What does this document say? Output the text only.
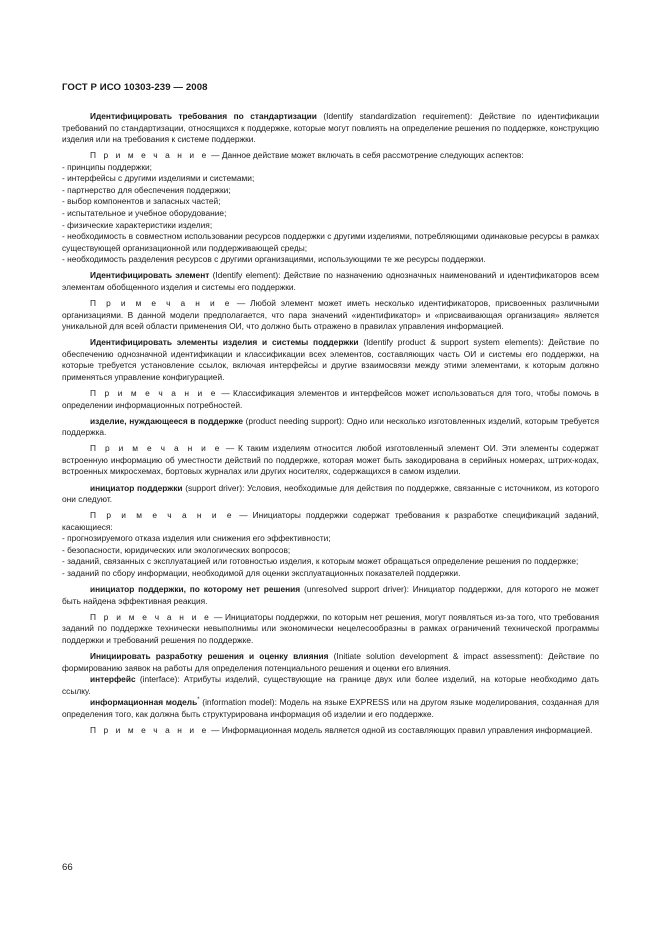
ГОСТ Р ИСО 10303-239 — 2008

Идентифицировать требования по стандартизации (Identify standardization requirement): Действие по идентификации требований по стандартизации, относящихся к поддержке, которые могут повлиять на определение решения по поддержке, конструкцию изделия или на требования к системе поддержки.

П р и м е ч а н и е — Данное действие может включать в себя рассмотрение следующих аспектов:

- принципы поддержки;

- интерфейсы с другими изделиями и системами;

- партнерство для обеспечения поддержки;

- выбор компонентов и запасных частей;

- испытательное и учебное оборудование;

- физические характеристики изделия;

- необходимость в совместном использовании ресурсов поддержки с другими изделиями, потребляющими одинаковые ресурсы в рамках существующей организационной или поддерживающей среды;

- необходимость разделения ресурсов с другими организациями, использующими те же ресурсы поддержки.

Идентифицировать элемент (Identify element): Действие по назначению однозначных наименований и идентификаторов всем элементам обобщенного изделия и системы его поддержки.

П р и м е ч а н и е — Любой элемент может иметь несколько идентификаторов, присвоенных различными организациями. В данной модели предполагается, что пара значений «идентификатор» и «присваивающая организация» является уникальной для всей области применения ОИ, что должно быть отражено в правилах управления информацией.

Идентифицировать элементы изделия и системы поддержки (Identify product & support system elements): Действие по обеспечению однозначной идентификации и классификации всех элементов, составляющих часть ОИ и системы его поддержки, на которые требуется установление ссылок, включая интерфейсы и другие взаимосвязи между этими элементами, к которым должно применяться управление конфигурацией.

П р и м е ч а н и е — Классификация элементов и интерфейсов может использоваться для того, чтобы помочь в определении информационных потребностей.

изделие, нуждающееся в поддержке (product needing support): Одно или несколько изготовленных изделий, которым требуется поддержка.

П р и м е ч а н и е — К таким изделиям относится любой изготовленный элемент ОИ. Эти элементы содержат встроенную информацию об уместности действий по поддержке, которая может быть закодирована в серийных номерах, штрих-кодах, встроенных микросхемах, бортовых журналах или других носителях, содержащихся в самом изделии.

инициатор поддержки (support driver): Условия, необходимые для действия по поддержке, связанные с источником, из которого они следуют.

П р и м е ч а н и е — Инициаторы поддержки содержат требования к разработке спецификаций заданий, касающиеся:

- прогнозируемого отказа изделия или снижения его эффективности;

- безопасности, юридических или экологических вопросов;

- заданий, связанных с эксплуатацией или готовностью изделия, к которым может обращаться определение решения по поддержке;

- заданий по сбору информации, необходимой для оценки эксплуатационных показателей поддержки.

инициатор поддержки, по которому нет решения (unresolved support driver): Инициатор поддержки, для которого не может быть найдена эффективная реакция.

П р и м е ч а н и е — Инициаторы поддержки, по которым нет решения, могут появляться из-за того, что требования заданий по поддержке технически невыполнимы или экономически нецелесообразны в рамках ограничений технической программы поддержки и требований решения по поддержке.

Инициировать разработку решения и оценку влияния (Initiate solution development & impact assessment): Действие по формированию заявок на работы для определения потенциального решения и оценки его влияния.

интерфейс (interface): Атрибуты изделий, существующие на границе двух или более изделий, на которые необходимо дать ссылку.

информационная модель* (information model): Модель на языке EXPRESS или на другом языке моделирования, созданная для определения того, как должна быть структурирована информация об изделии и его поддержке.

П р и м е ч а н и е — Информационная модель является одной из составляющих правил управления информацией.

66
